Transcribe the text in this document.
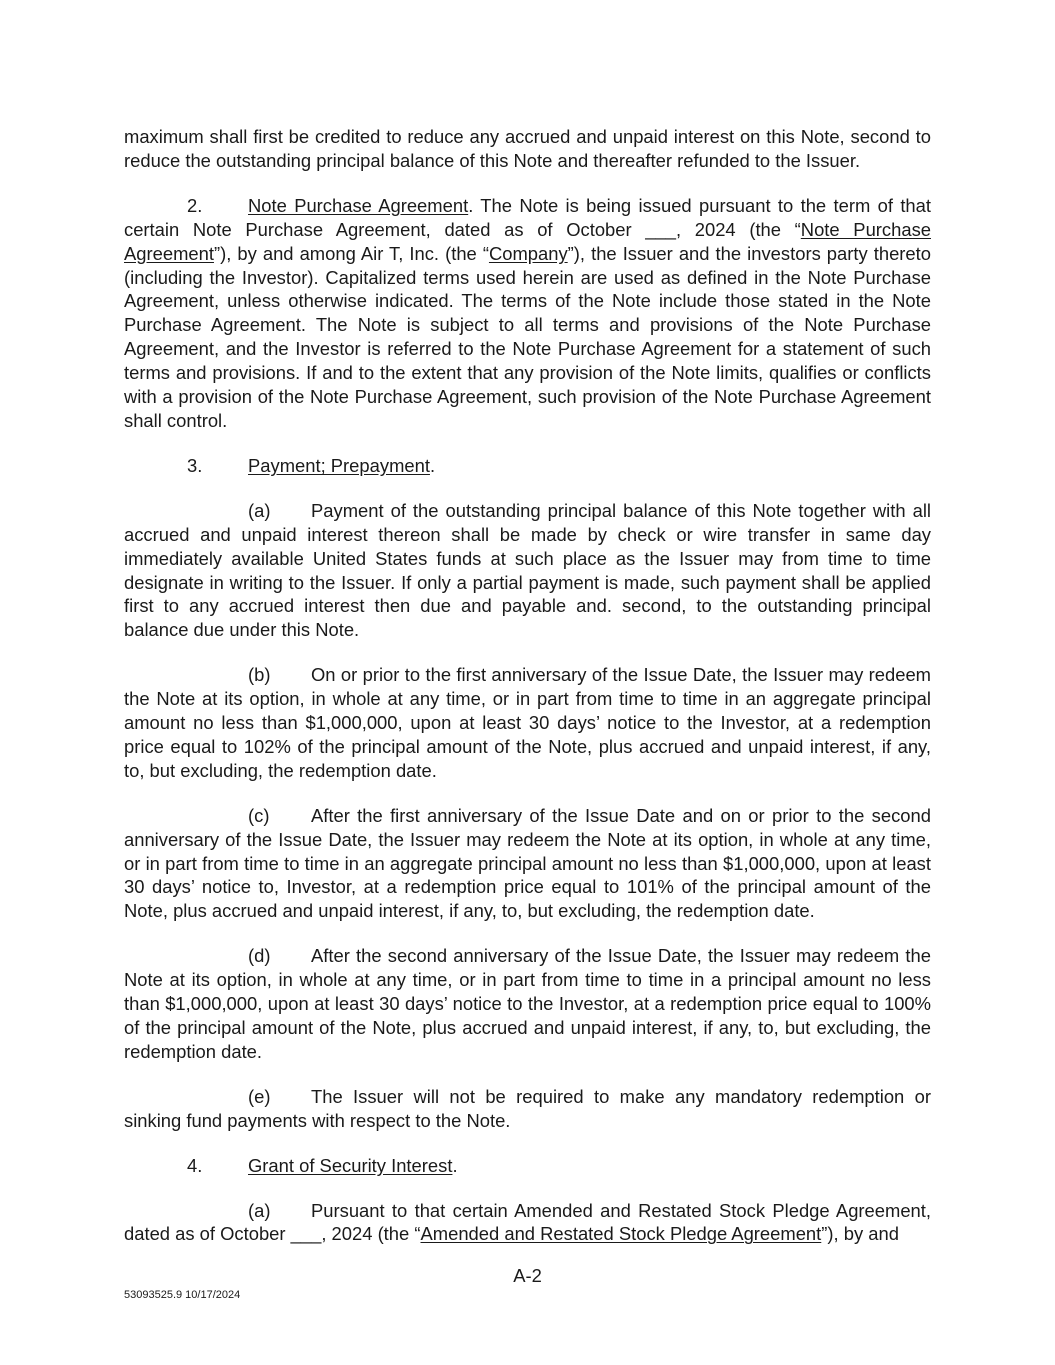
maximum shall first be credited to reduce any accrued and unpaid interest on this Note, second to reduce the outstanding principal balance of this Note and thereafter refunded to the Issuer.

2. Note Purchase Agreement. The Note is being issued pursuant to the term of that certain Note Purchase Agreement, dated as of October ___, 2024 (the “Note Purchase Agreement”), by and among Air T, Inc. (the “Company”), the Issuer and the investors party thereto (including the Investor). Capitalized terms used herein are used as defined in the Note Purchase Agreement, unless otherwise indicated. The terms of the Note include those stated in the Note Purchase Agreement. The Note is subject to all terms and provisions of the Note Purchase Agreement, and the Investor is referred to the Note Purchase Agreement for a statement of such terms and provisions. If and to the extent that any provision of the Note limits, qualifies or conflicts with a provision of the Note Purchase Agreement, such provision of the Note Purchase Agreement shall control.

3. Payment; Prepayment.

(a) Payment of the outstanding principal balance of this Note together with all accrued and unpaid interest thereon shall be made by check or wire transfer in same day immediately available United States funds at such place as the Issuer may from time to time designate in writing to the Issuer. If only a partial payment is made, such payment shall be applied first to any accrued interest then due and payable and. second, to the outstanding principal balance due under this Note.

(b) On or prior to the first anniversary of the Issue Date, the Issuer may redeem the Note at its option, in whole at any time, or in part from time to time in an aggregate principal amount no less than $1,000,000, upon at least 30 days’ notice to the Investor, at a redemption price equal to 102% of the principal amount of the Note, plus accrued and unpaid interest, if any, to, but excluding, the redemption date.

(c) After the first anniversary of the Issue Date and on or prior to the second anniversary of the Issue Date, the Issuer may redeem the Note at its option, in whole at any time, or in part from time to time in an aggregate principal amount no less than $1,000,000, upon at least 30 days’ notice to, Investor, at a redemption price equal to 101% of the principal amount of the Note, plus accrued and unpaid interest, if any, to, but excluding, the redemption date.

(d) After the second anniversary of the Issue Date, the Issuer may redeem the Note at its option, in whole at any time, or in part from time to time in a principal amount no less than $1,000,000, upon at least 30 days’ notice to the Investor, at a redemption price equal to 100% of the principal amount of the Note, plus accrued and unpaid interest, if any, to, but excluding, the redemption date.

(e) The Issuer will not be required to make any mandatory redemption or sinking fund payments with respect to the Note.

4. Grant of Security Interest.

(a) Pursuant to that certain Amended and Restated Stock Pledge Agreement, dated as of October ___, 2024 (the “Amended and Restated Stock Pledge Agreement”), by and

A-2
53093525.9 10/17/2024
